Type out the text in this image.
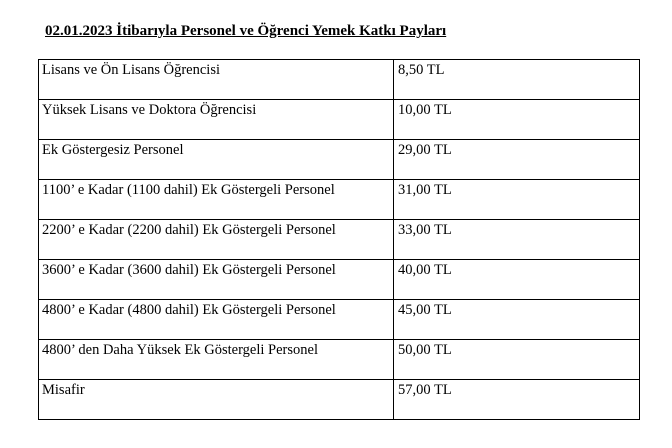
02.01.2023 İtibarıyla Personel ve Öğrenci Yemek Katkı Payları
Lisans ve Ön Lisans Öğrencisi	8,50 TL
Yüksek Lisans ve Doktora Öğrencisi	10,00 TL
Ek Göstergesiz Personel	29,00 TL
1100’ e Kadar (1100 dahil) Ek Göstergeli Personel	31,00 TL
2200’ e Kadar (2200 dahil) Ek Göstergeli Personel	33,00 TL
3600’ e Kadar (3600 dahil) Ek Göstergeli Personel	40,00 TL
4800’ e Kadar (4800 dahil) Ek Göstergeli Personel	45,00 TL
4800’ den Daha Yüksek Ek Göstergeli Personel	50,00 TL
Misafir	57,00 TL
